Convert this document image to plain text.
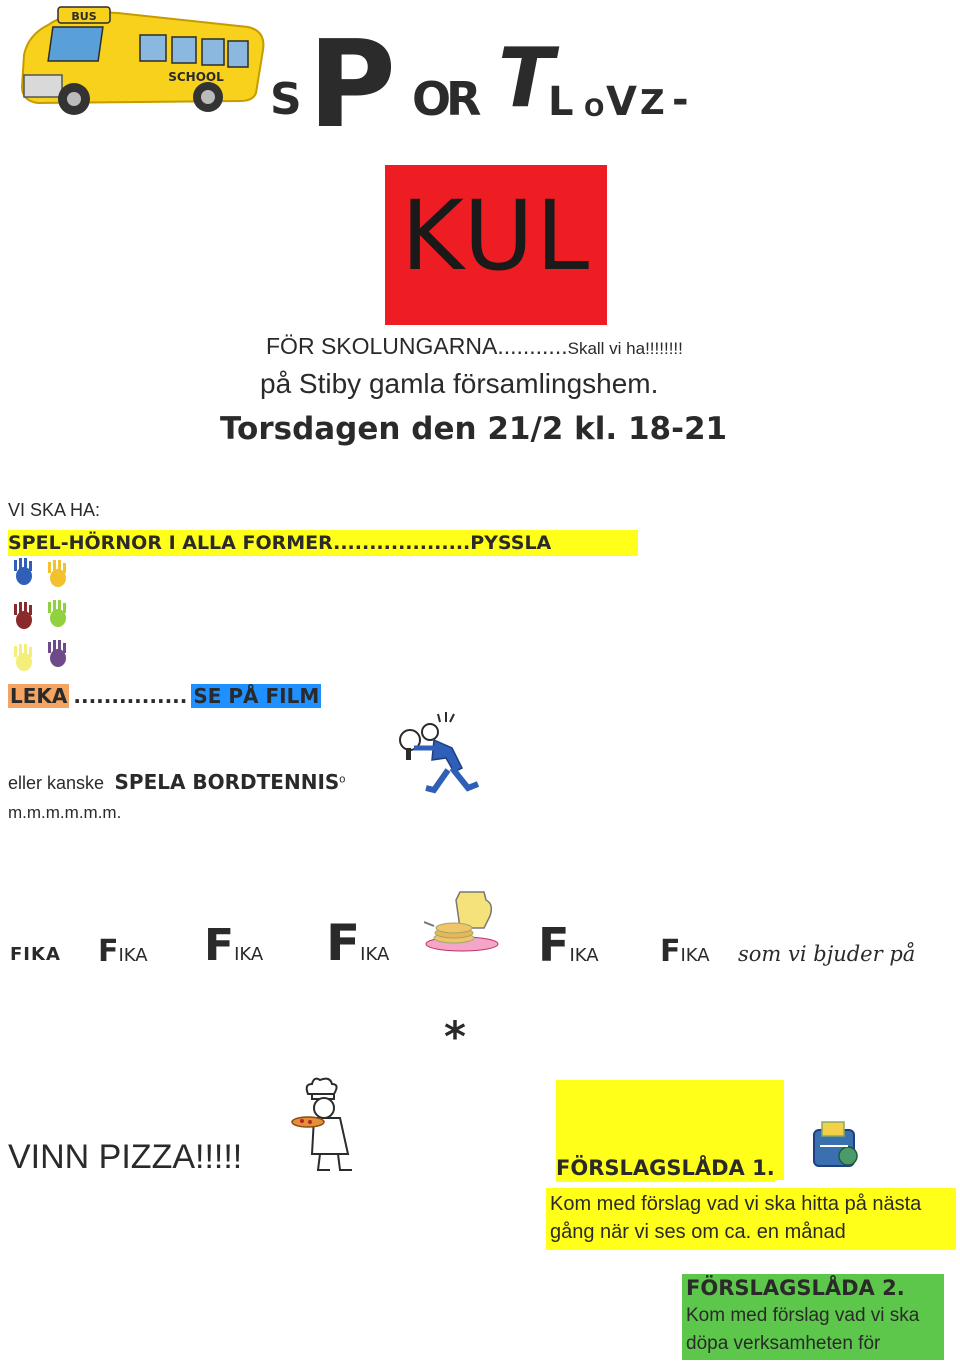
BUS
SCHOOL S P O
R T
L O V Z -
KUL
FÖR SKOLUNGARNA...........Skall vi ha!!!!!!!!
på Stiby gamla församlingshem.
Torsdagen den 21/2 kl. 18-21
VI SKA HA:
SPEL-HÖRNOR I ALLA FORMER...................PYSSLA
LEKA ............... SE PÅ FILM
eller kanske SPELA BORDTENNIS$^o$
m.m.m.m.m.m.
FIKA FIKA FIKA FIKA	FIKA FIKA som vi bjuder på
*
VINN PIZZA!!!!!	FÖRSLAGSLÅDA 1.
Kom med förslag vad vi ska hitta på nästa
gång när vi ses om ca. en månad
FÖRSLAGSLÅDA 2.
Kom med förslag vad vi ska
döpa verksamheten för
